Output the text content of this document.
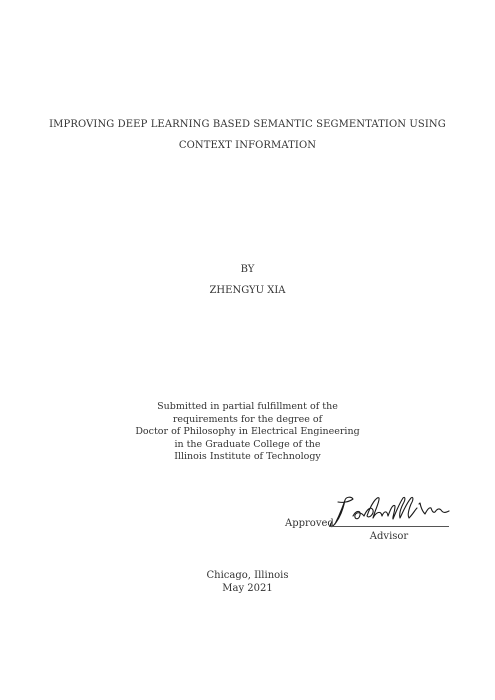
IMPROVING DEEP LEARNING BASED SEMANTIC SEGMENTATION USING
CONTEXT INFORMATION
BY
ZHENGYU XIA
Submitted in partial fulfillment of the
requirements for the degree of
Doctor of Philosophy in Electrical Engineering
in the Graduate College of the
Illinois Institute of Technology
Approved
Advisor
Chicago, Illinois
May 2021
